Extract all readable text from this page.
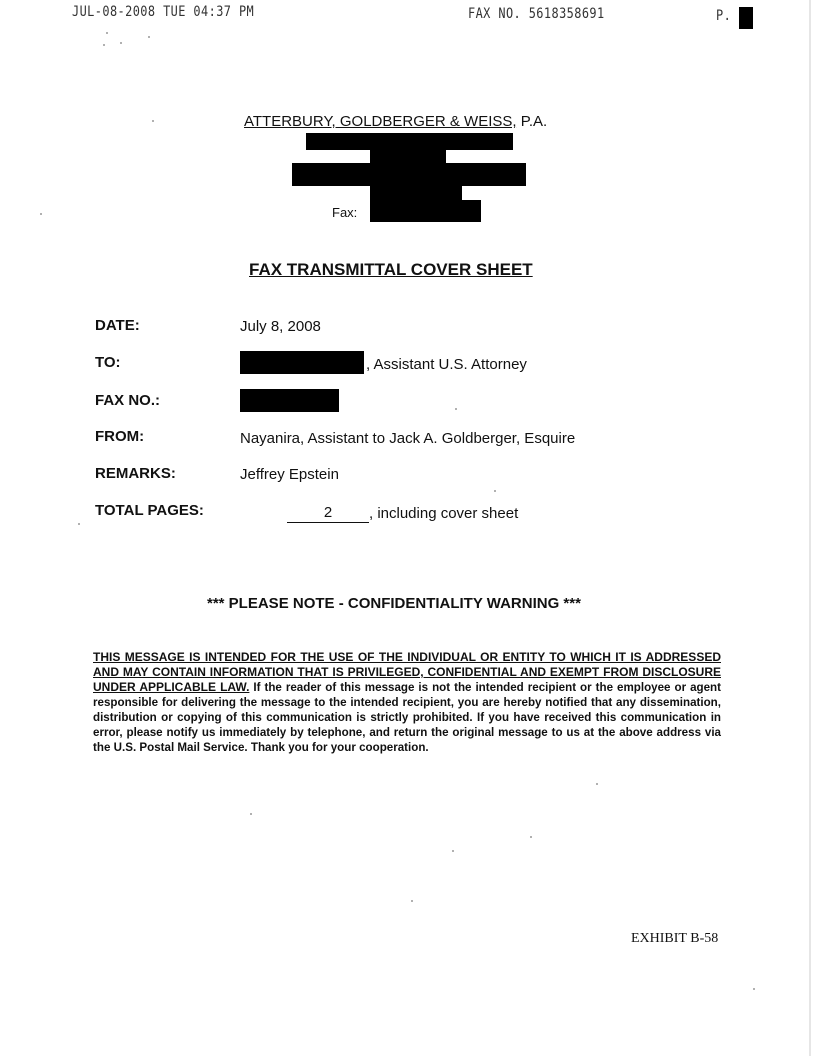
JUL-08-2008 TUE 04:37 PM	FAX NO. 5618358691	P.
ATTERBURY, GOLDBERGER & WEISS, P.A.
Fax:
FAX TRANSMITTAL COVER SHEET
DATE:	July 8, 2008
TO:	, Assistant U.S. Attorney
FAX NO.:
FROM:	Nayanira, Assistant to Jack A. Goldberger, Esquire
REMARKS:	Jeffrey Epstein
TOTAL PAGES:	2	, including cover sheet
*** PLEASE NOTE - CONFIDENTIALITY WARNING ***
THIS MESSAGE IS INTENDED FOR THE USE OF THE INDIVIDUAL OR ENTITY TO WHICH IT IS ADDRESSED AND MAY CONTAIN INFORMATION THAT IS PRIVILEGED, CONFIDENTIAL AND EXEMPT FROM DISCLOSURE UNDER APPLICABLE LAW. If the reader of this message is not the intended recipient or the employee or agent responsible for delivering the message to the intended recipient, you are hereby notified that any dissemination, distribution or copying of this communication is strictly prohibited. If you have received this communication in error, please notify us immediately by telephone, and return the original message to us at the above address via the U.S. Postal Mail Service. Thank you for your cooperation.
EXHIBIT B-58
